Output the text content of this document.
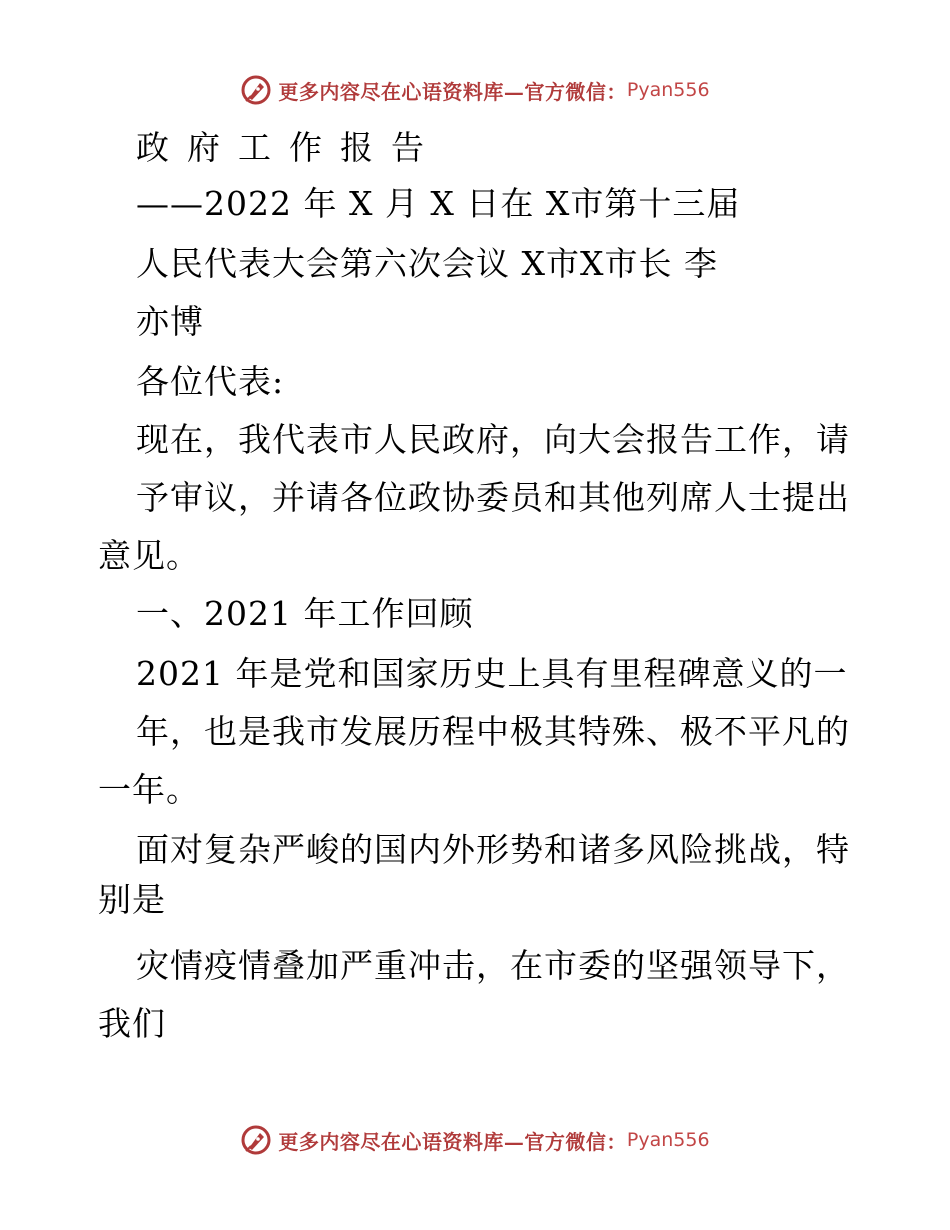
更多内容尽在心语资料库—官方微信： Pyan556
政府工作报告
——2022 年 X 月 X 日在 X市第十三届
人民代表大会第六次会议 X市X市长 李
亦博
各位代表:
现在，我代表市人民政府，向大会报告工作，请
予审议，并请各位政协委员和其他列席人士提出
意见。
一、2021 年工作回顾
2021 年是党和国家历史上具有里程碑意义的一
年，也是我市发展历程中极其特殊、极不平凡的
一年。
面对复杂严峻的国内外形势和诸多风险挑战，特
别是
灾情疫情叠加严重冲击，在市委的坚强领导下，
我们
更多内容尽在心语资料库—官方微信： Pyan556
